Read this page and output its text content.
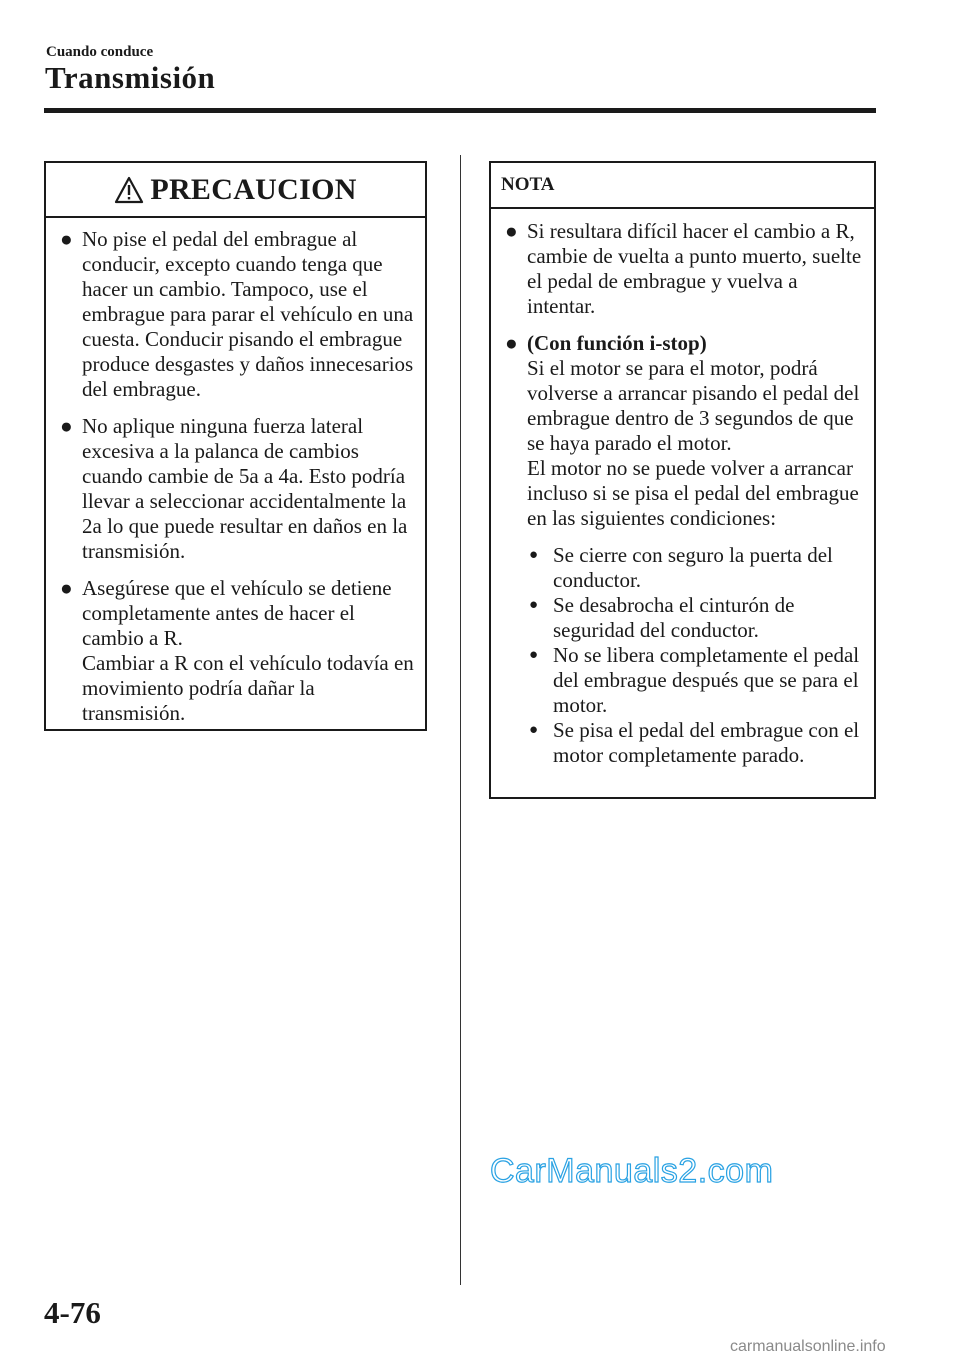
Cuando conduce
Transmisión
PRECAUCION
● No pise el pedal del embrague al conducir, excepto cuando tenga que hacer un cambio. Tampoco, use el embrague para parar el vehículo en una cuesta. Conducir pisando el embrague produce desgastes y daños innecesarios del embrague.
● No aplique ninguna fuerza lateral excesiva a la palanca de cambios cuando cambie de 5a a 4a. Esto podría llevar a seleccionar accidentalmente la 2a lo que puede resultar en daños en la transmisión.
● Asegúrese que el vehículo se detiene completamente antes de hacer el cambio a R.
Cambiar a R con el vehículo todavía en movimiento podría dañar la transmisión.
NOTA
● Si resultara difícil hacer el cambio a R, cambie de vuelta a punto muerto, suelte el pedal de embrague y vuelva a intentar.
● (Con función i-stop)
Si el motor se para el motor, podrá volverse a arrancar pisando el pedal del embrague dentro de 3 segundos de que se haya parado el motor.
El motor no se puede volver a arrancar incluso si se pisa el pedal del embrague en las siguientes condiciones:
● Se cierre con seguro la puerta del conductor.
● Se desabrocha el cinturón de seguridad del conductor.
● No se libera completamente el pedal del embrague después que se para el motor.
● Se pisa el pedal del embrague con el motor completamente parado.
CarManuals2.com
4-76
carmanualsonline.info
